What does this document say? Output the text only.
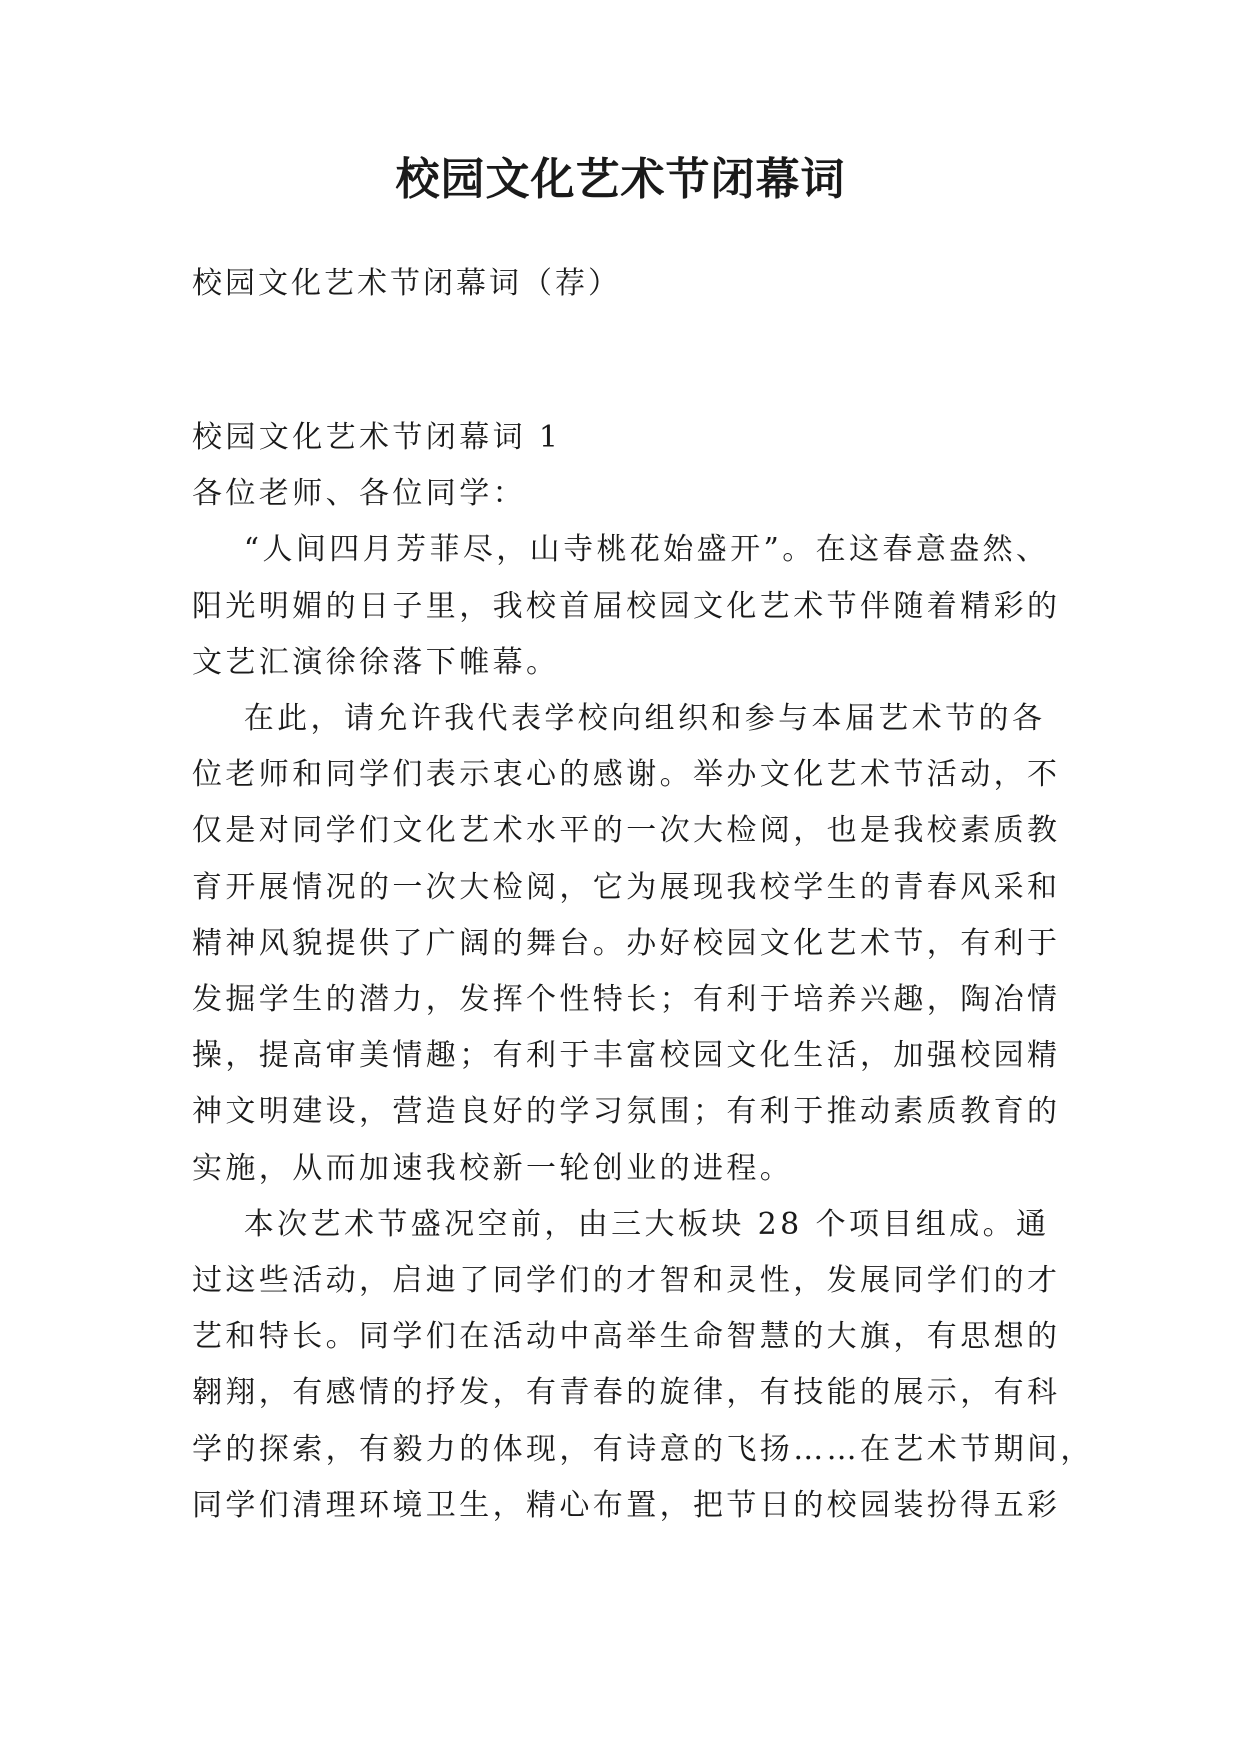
校园文化艺术节闭幕词

校园文化艺术节闭幕词（荐）

校园文化艺术节闭幕词 1

各位老师、各位同学：

“人间四月芳菲尽，山寺桃花始盛开”。在这春意盎然、

阳光明媚的日子里，我校首届校园文化艺术节伴随着精彩的

文艺汇演徐徐落下帷幕。

在此，请允许我代表学校向组织和参与本届艺术节的各

位老师和同学们表示衷心的感谢。举办文化艺术节活动，不

仅是对同学们文化艺术水平的一次大检阅，也是我校素质教

育开展情况的一次大检阅，它为展现我校学生的青春风采和

精神风貌提供了广阔的舞台。办好校园文化艺术节，有利于

发掘学生的潜力，发挥个性特长；有利于培养兴趣，陶冶情

操，提高审美情趣；有利于丰富校园文化生活，加强校园精

神文明建设，营造良好的学习氛围；有利于推动素质教育的

实施，从而加速我校新一轮创业的进程。

本次艺术节盛况空前，由三大板块 28 个项目组成。通

过这些活动，启迪了同学们的才智和灵性，发展同学们的才

艺和特长。同学们在活动中高举生命智慧的大旗，有思想的

翱翔，有感情的抒发，有青春的旋律，有技能的展示，有科

学的探索，有毅力的体现，有诗意的飞扬……在艺术节期间，

同学们清理环境卫生，精心布置，把节日的校园装扮得五彩
